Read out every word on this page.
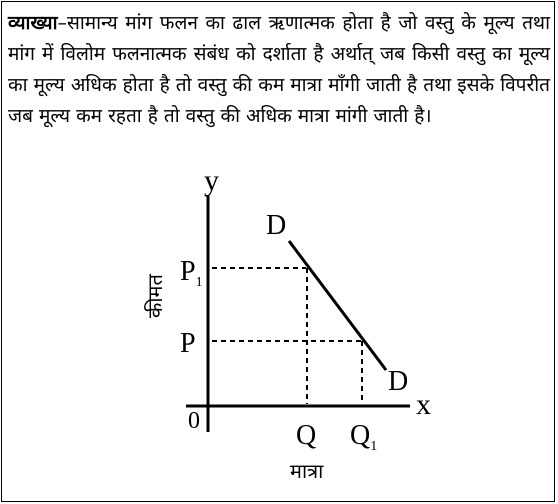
व्याख्या–सामान्य मांग फलन का ढाल ऋणात्मक होता है जो वस्तु के मूल्य तथा मांग में विलोम फलनात्मक संबंध को दर्शाता है अर्थात् जब किसी वस्तु का मूल्य का मूल्य अधिक होता है तो वस्तु की कम मात्रा माँगी जाती है तथा इसके विपरीत जब मूल्य कम रहता है तो वस्तु की अधिक मात्रा मांगी जाती है।
y
x
0
कीमत
मात्रा
D
D
$P_1$
P
Q $Q_1$
